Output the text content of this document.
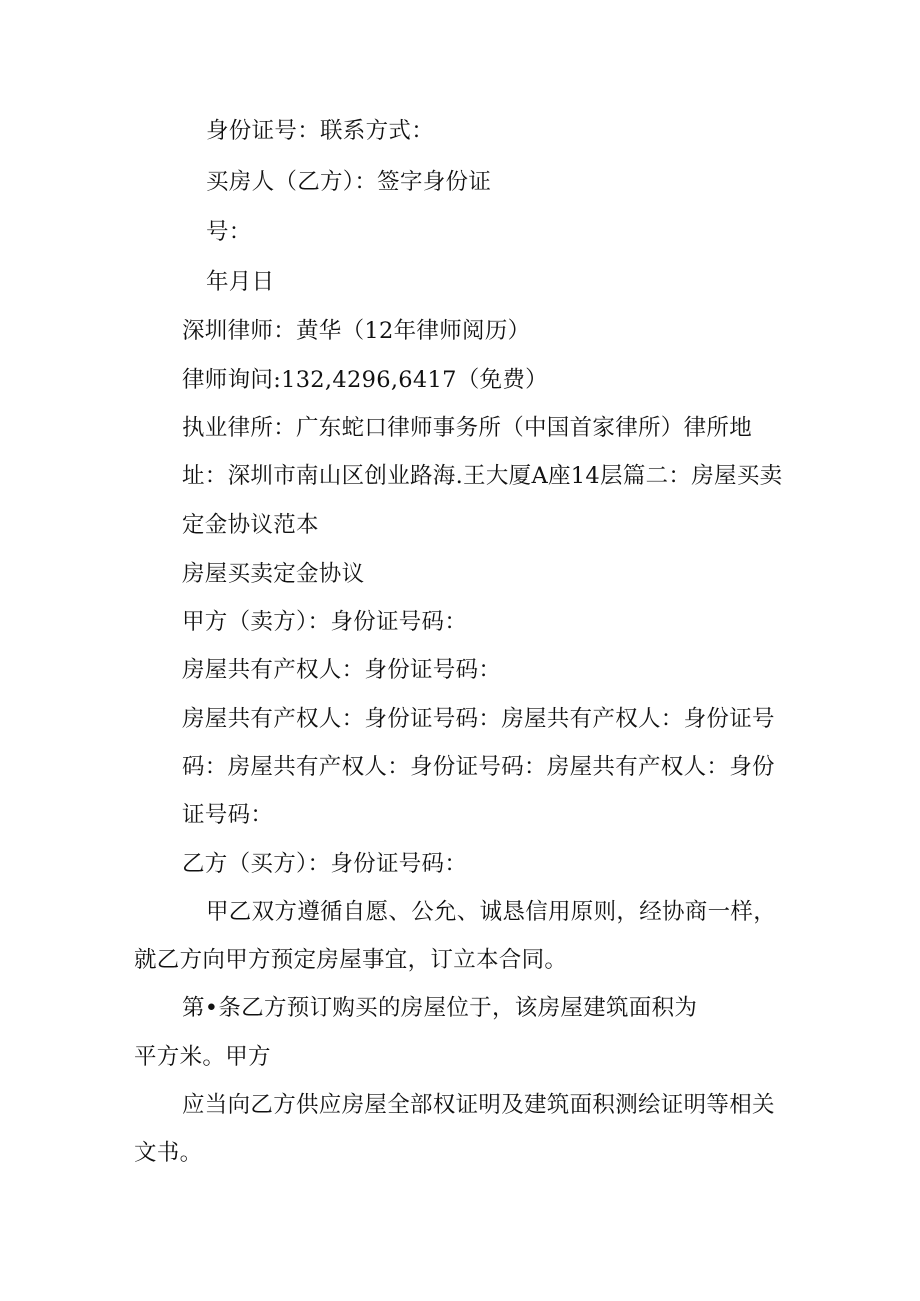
身份证号：联系方式：
买房人（乙方）：签字身份证
号：
年月日
深圳律师：黄华（12年律师阅历）
律师询问:132,4296,6417（免费）
执业律所：广东蛇口律师事务所（中国首家律所）律所地
址：深圳市南山区创业路海.王大厦A座14层篇二：房屋买卖
定金协议范本
房屋买卖定金协议
甲方（卖方）：身份证号码：
房屋共有产权人：身份证号码：
房屋共有产权人：身份证号码：房屋共有产权人：身份证号
码：房屋共有产权人：身份证号码：房屋共有产权人：身份
证号码：
乙方（买方）：身份证号码：
甲乙双方遵循自愿、公允、诚恳信用原则，经协商一样，
就乙方向甲方预定房屋事宜，订立本合同。
第•条乙方预订购买的房屋位于，该房屋建筑面积为
平方米。甲方
应当向乙方供应房屋全部权证明及建筑面积测绘证明等相关
文书。
